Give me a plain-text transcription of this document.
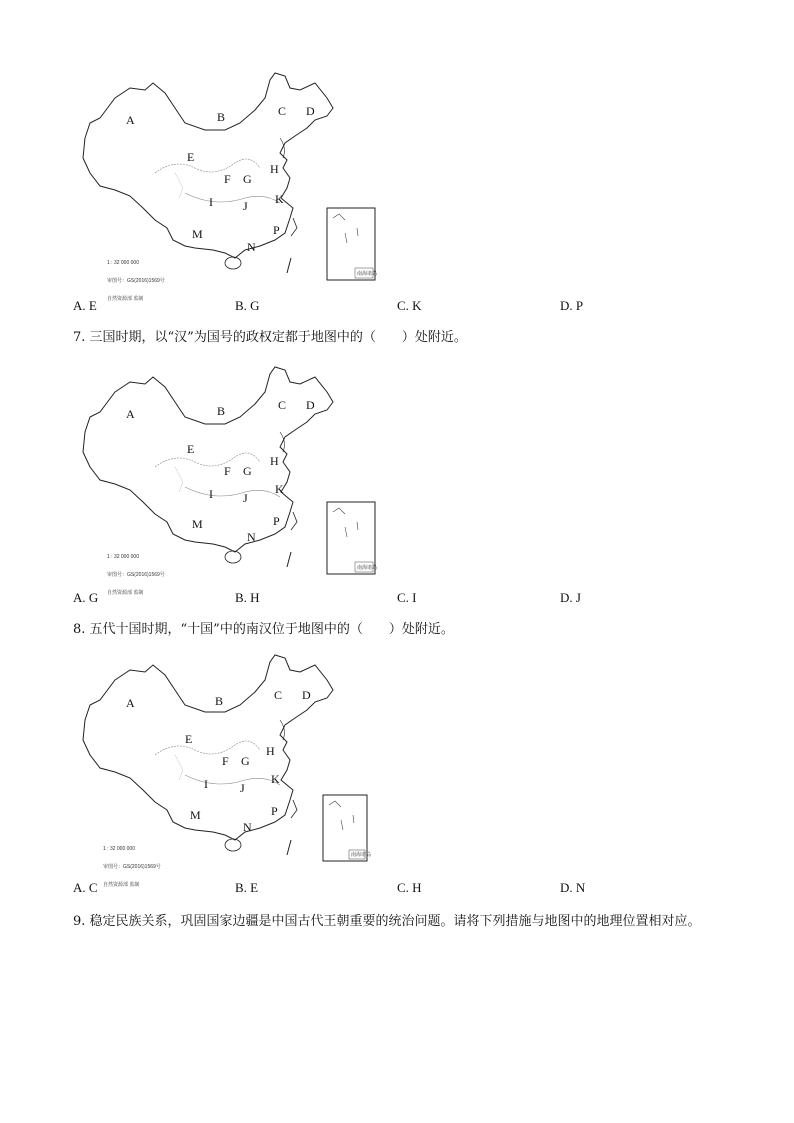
A	B	C D
E
F G
H
I	J K
M
N
P

1 : 32 000 000

审图号：GS(2016)1569号

自然资源部 监制

南海诸岛
A. E	B. G	C. K	D. P
7. 三国时期，以“汉”为国号的政权定都于地图中的（　　）处附近。
A	B	C D
E
F G
H
I	J
K
M
N
P

1 : 32 000 000

审图号：GS(2016)1569号

自然资源部 监制

南海诸岛
A. G	B. H	C. I	D. J
8. 五代十国时期，“十国”中的南汉位于地图中的（　　）处附近。
A	B	C D
E
F G
H
I	J
K
M
N
P

1 : 32 000 000

审图号：GS(2016)1569号

自然资源部 监制

南海诸岛
A. C	B. E	C. H	D. N
9. 稳定民族关系，巩固国家边疆是中国古代王朝重要的统治问题。请将下列措施与地图中的地理位置相对应。
